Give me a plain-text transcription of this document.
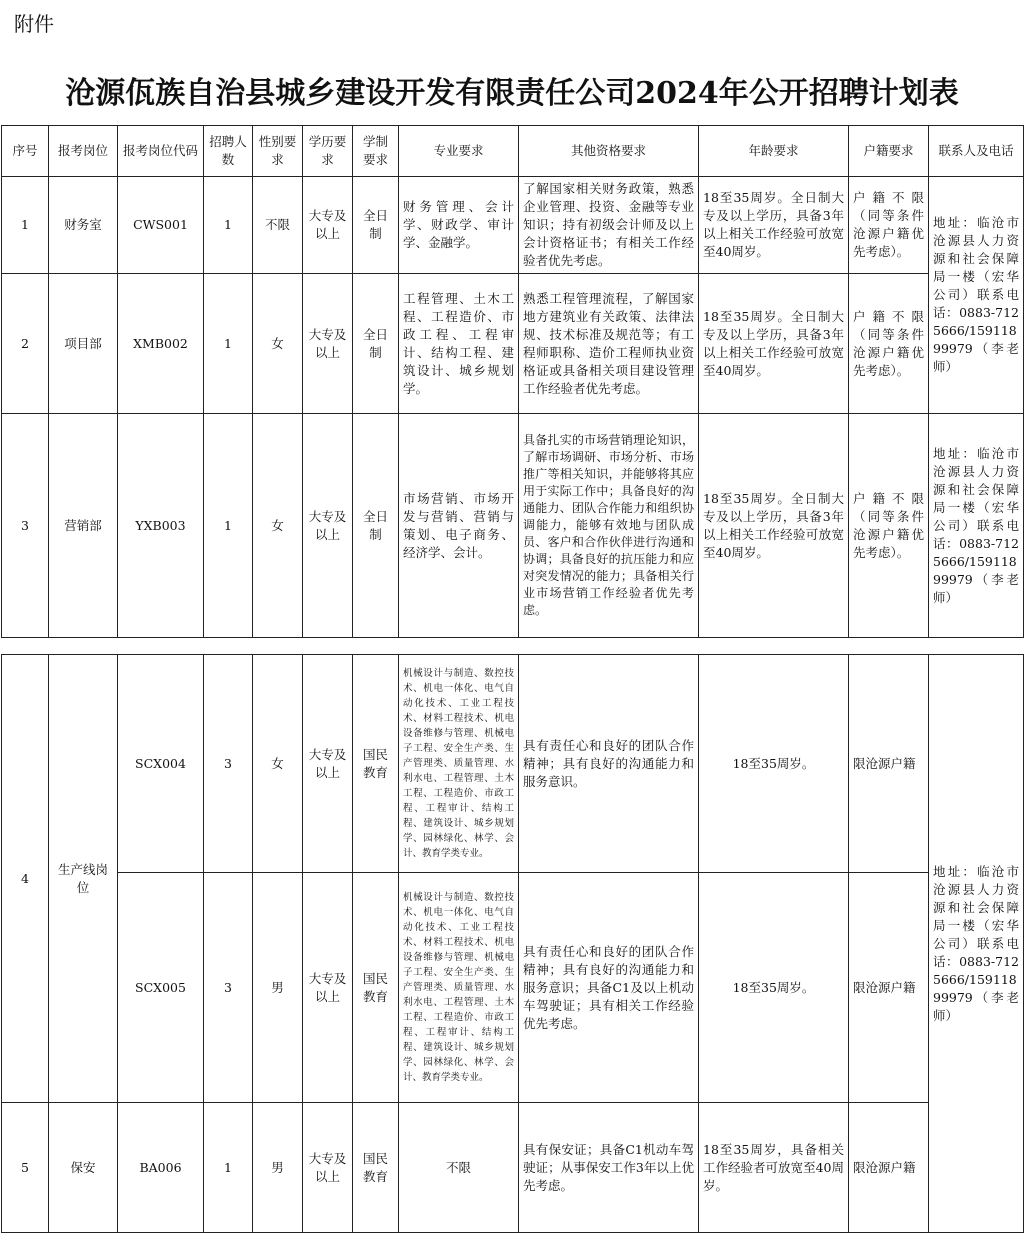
附件
沧源佤族自治县城乡建设开发有限责任公司2024年公开招聘计划表
序号	报考岗位	报考岗位代码	招聘人数	性别要求	学历要求	学制要求	专业要求	其他资格要求	年龄要求	户籍要求	联系人及电话
1	财务室	CWS001	1	不限	大专及以上	全日制	财务管理、会计学、财政学、审计学、金融学。	了解国家相关财务政策，熟悉企业管理、投资、金融等专业知识；持有初级会计师及以上会计资格证书；有相关工作经验者优先考虑。	18至35周岁。全日制大专及以上学历，具备3年以上相关工作经验可放宽至40周岁。	户籍不限（同等条件沧源户籍优先考虑）。	地址：临沧市沧源县人力资源和社会保障局一楼（宏华公司）联系电话：0883-7125666/15911899979（李老师）
2	项目部	XMB002	1	女	大专及以上	全日制	工程管理、土木工程、工程造价、市政工程、工程审计、结构工程、建筑设计、城乡规划学。	熟悉工程管理流程，了解国家地方建筑业有关政策、法律法规、技术标准及规范等；有工程师职称、造价工程师执业资格证或具备相关项目建设管理工作经验者优先考虑。	18至35周岁。全日制大专及以上学历，具备3年以上相关工作经验可放宽至40周岁。	户籍不限（同等条件沧源户籍优先考虑）。	
3	营销部	YXB003	1	女	大专及以上	全日制	市场营销、市场开发与营销、营销与策划、电子商务、经济学、会计。	具备扎实的市场营销理论知识，了解市场调研、市场分析、市场推广等相关知识，并能够将其应用于实际工作中；具备良好的沟通能力、团队合作能力和组织协调能力，能够有效地与团队成员、客户和合作伙伴进行沟通和协调；具备良好的抗压能力和应对突发情况的能力；具备相关行业市场营销工作经验者优先考虑。	18至35周岁。全日制大专及以上学历，具备3年以上相关工作经验可放宽至40周岁。	户籍不限（同等条件沧源户籍优先考虑）。	地址：临沧市沧源县人力资源和社会保障局一楼（宏华公司）联系电话：0883-7125666/15911899979（李老师）
4	生产线岗位	SCX004	3	女	大专及以上	国民教育	机械设计与制造、数控技术、机电一体化、电气自动化技术、工业工程技术、材料工程技术、机电设备维修与管理、机械电子工程、安全生产类、生产管理类、质量管理、水利水电、工程管理、土木工程、工程造价、市政工程、工程审计、结构工程、建筑设计、城乡规划学、园林绿化、林学、会计、教育学类专业。	具有责任心和良好的团队合作精神；具有良好的沟通能力和服务意识。	18至35周岁。	限沧源户籍	地址：临沧市沧源县人力资源和社会保障局一楼（宏华公司）联系电话：0883-7125666/15911899979（李老师）
		SCX005	3	男	大专及以上	国民教育	机械设计与制造、数控技术、机电一体化、电气自动化技术、工业工程技术、材料工程技术、机电设备维修与管理、机械电子工程、安全生产类、生产管理类、质量管理、水利水电、工程管理、土木工程、工程造价、市政工程、工程审计、结构工程、建筑设计、城乡规划学、园林绿化、林学、会计、教育学类专业。	具有责任心和良好的团队合作精神；具有良好的沟通能力和服务意识；具备C1及以上机动车驾驶证；具有相关工作经验优先考虑。	18至35周岁。	限沧源户籍	
5	保安	BA006	1	男	大专及以上	国民教育	不限	具有保安证；具备C1机动车驾驶证；从事保安工作3年以上优先考虑。	18至35周岁，具备相关工作经验者可放宽至40周岁。	限沧源户籍	
